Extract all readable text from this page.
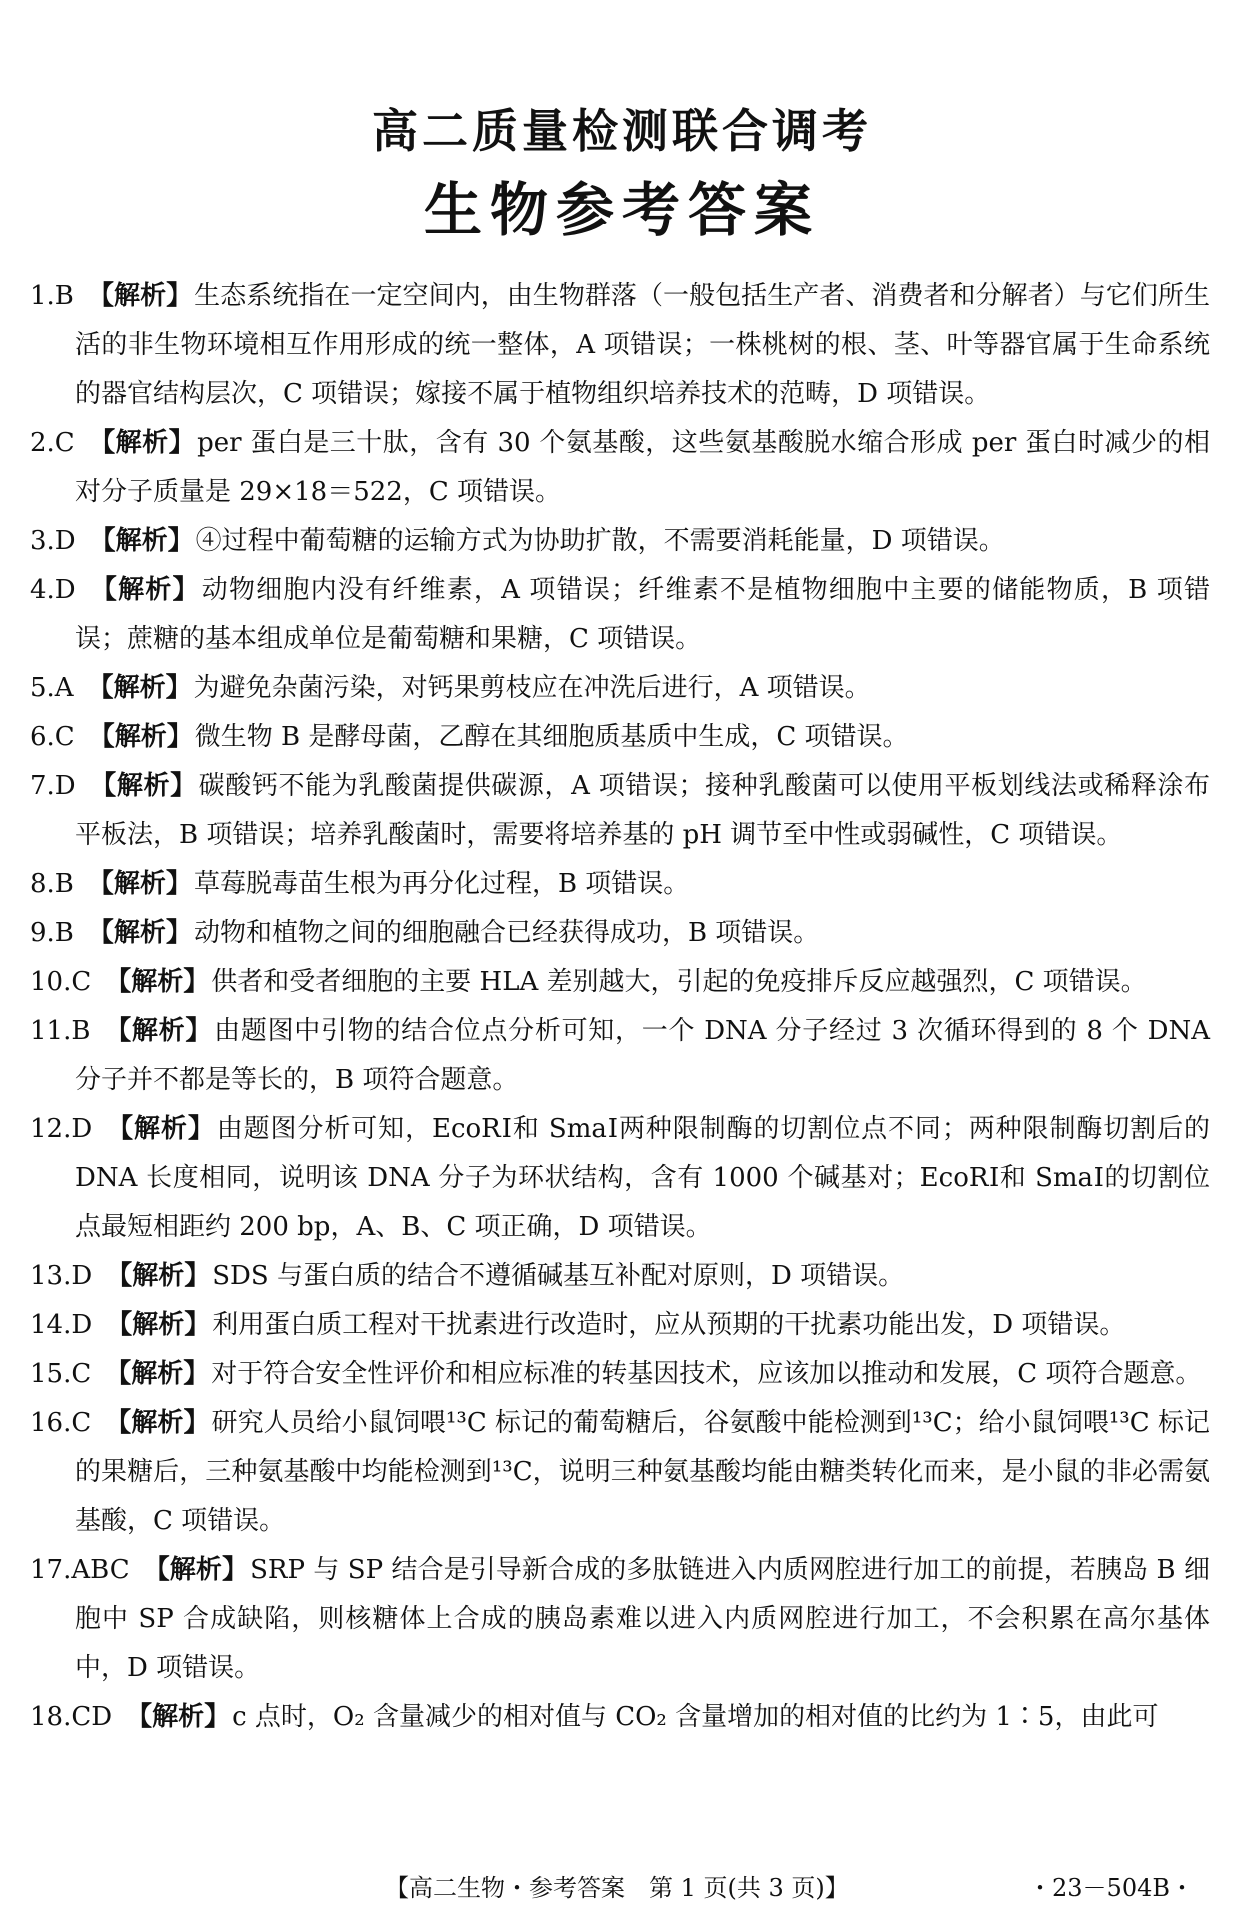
高二质量检测联合调考
生物参考答案
1.B 【解析】生态系统指在一定空间内，由生物群落（一般包括生产者、消费者和分解者）与它们所生活的非生物环境相互作用形成的统一整体，A 项错误；一株桃树的根、茎、叶等器官属于生命系统的器官结构层次，C 项错误；嫁接不属于植物组织培养技术的范畴，D 项错误。
2.C 【解析】per 蛋白是三十肽，含有 30 个氨基酸，这些氨基酸脱水缩合形成 per 蛋白时减少的相对分子质量是 29×18＝522，C 项错误。
3.D 【解析】④过程中葡萄糖的运输方式为协助扩散，不需要消耗能量，D 项错误。
4.D 【解析】动物细胞内没有纤维素，A 项错误；纤维素不是植物细胞中主要的储能物质，B 项错误；蔗糖的基本组成单位是葡萄糖和果糖，C 项错误。
5.A 【解析】为避免杂菌污染，对钙果剪枝应在冲洗后进行，A 项错误。
6.C 【解析】微生物 B 是酵母菌，乙醇在其细胞质基质中生成，C 项错误。
7.D 【解析】碳酸钙不能为乳酸菌提供碳源，A 项错误；接种乳酸菌可以使用平板划线法或稀释涂布平板法，B 项错误；培养乳酸菌时，需要将培养基的 pH 调节至中性或弱碱性，C 项错误。
8.B 【解析】草莓脱毒苗生根为再分化过程，B 项错误。
9.B 【解析】动物和植物之间的细胞融合已经获得成功，B 项错误。
10.C 【解析】供者和受者细胞的主要 HLA 差别越大，引起的免疫排斥反应越强烈，C 项错误。
11.B 【解析】由题图中引物的结合位点分析可知，一个 DNA 分子经过 3 次循环得到的 8 个 DNA 分子并不都是等长的，B 项符合题意。
12.D 【解析】由题图分析可知，EcoRⅠ和 SmaⅠ两种限制酶的切割位点不同；两种限制酶切割后的 DNA 长度相同，说明该 DNA 分子为环状结构，含有 1000 个碱基对；EcoRⅠ和 SmaⅠ的切割位点最短相距约 200 bp，A、B、C 项正确，D 项错误。
13.D 【解析】SDS 与蛋白质的结合不遵循碱基互补配对原则，D 项错误。
14.D 【解析】利用蛋白质工程对干扰素进行改造时，应从预期的干扰素功能出发，D 项错误。
15.C 【解析】对于符合安全性评价和相应标准的转基因技术，应该加以推动和发展，C 项符合题意。
16.C 【解析】研究人员给小鼠饲喂¹³C 标记的葡萄糖后，谷氨酸中能检测到¹³C；给小鼠饲喂¹³C 标记的果糖后，三种氨基酸中均能检测到¹³C，说明三种氨基酸均能由糖类转化而来，是小鼠的非必需氨基酸，C 项错误。
17.ABC 【解析】SRP 与 SP 结合是引导新合成的多肽链进入内质网腔进行加工的前提，若胰岛 B 细胞中 SP 合成缺陷，则核糖体上合成的胰岛素难以进入内质网腔进行加工，不会积累在高尔基体中，D 项错误。
18.CD 【解析】c 点时，O₂ 含量减少的相对值与 CO₂ 含量增加的相对值的比约为 1∶5，由此可
【高二生物・参考答案　第 1 页(共 3 页)】	・23－504B・
